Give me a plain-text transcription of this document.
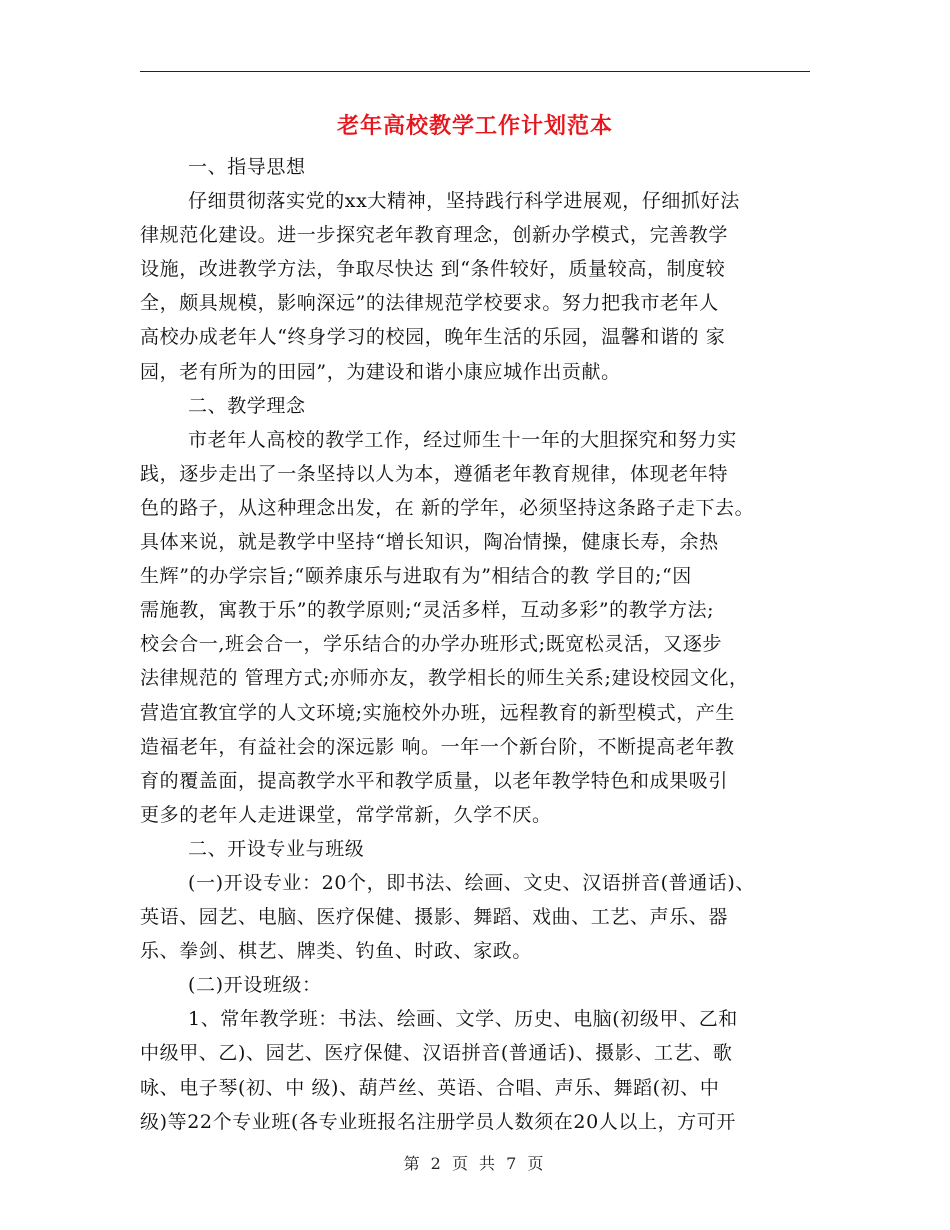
老年高校教学工作计划范本
一、指导思想
仔细贯彻落实党的xx大精神，坚持践行科学进展观，仔细抓好法
律规范化建设。进一步探究老年教育理念，创新办学模式，完善教学
设施，改进教学方法，争取尽快达 到“条件较好，质量较高，制度较
全，颇具规模，影响深远”的法律规范学校要求。努力把我市老年人
高校办成老年人“终身学习的校园，晚年生活的乐园，温馨和谐的 家
园，老有所为的田园”，为建设和谐小康应城作出贡献。
二、教学理念
市老年人高校的教学工作，经过师生十一年的大胆探究和努力实
践，逐步走出了一条坚持以人为本，遵循老年教育规律，体现老年特
色的路子，从这种理念出发，在 新的学年，必须坚持这条路子走下去。
具体来说，就是教学中坚持“增长知识，陶冶情操，健康长寿，余热
生辉”的办学宗旨;“颐养康乐与进取有为”相结合的教 学目的;“因
需施教，寓教于乐”的教学原则;“灵活多样，互动多彩”的教学方法;
校会合一,班会合一，学乐结合的办学办班形式;既宽松灵活，又逐步
法律规范的 管理方式;亦师亦友，教学相长的师生关系;建设校园文化，
营造宜教宜学的人文环境;实施校外办班，远程教育的新型模式，产生
造福老年，有益社会的深远影 响。一年一个新台阶，不断提高老年教
育的覆盖面，提高教学水平和教学质量，以老年教学特色和成果吸引
更多的老年人走进课堂，常学常新，久学不厌。
二、开设专业与班级
(一)开设专业：20个，即书法、绘画、文史、汉语拼音(普通话)、
英语、园艺、电脑、医疗保健、摄影、舞蹈、戏曲、工艺、声乐、器
乐、拳剑、棋艺、牌类、钓鱼、时政、家政。
(二)开设班级：
1、常年教学班：书法、绘画、文学、历史、电脑(初级甲、乙和
中级甲、乙)、园艺、医疗保健、汉语拼音(普通话)、摄影、工艺、歌
咏、电子琴(初、中 级)、葫芦丝、英语、合唱、声乐、舞蹈(初、中
级)等22个专业班(各专业班报名注册学员人数须在20人以上，方可开
第 2 页 共 7 页
